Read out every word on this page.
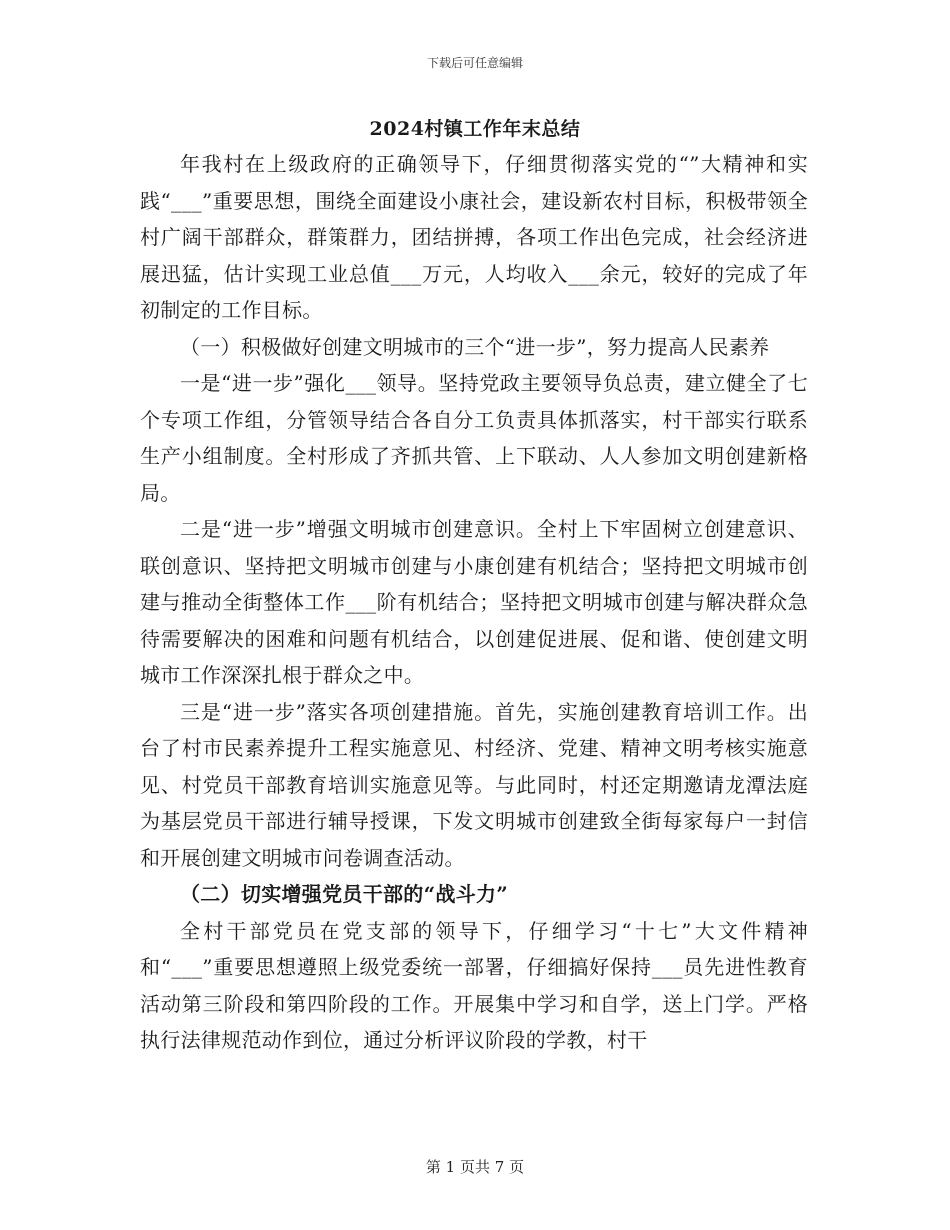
下载后可任意编辑
2024村镇工作年末总结

年我村在上级政府的正确领导下，仔细贯彻落实党的“”大精神和实践“___”重要思想，围绕全面建设小康社会，建设新农村目标，积极带领全村广阔干部群众，群策群力，团结拼搏，各项工作出色完成，社会经济进展迅猛，估计实现工业总值___万元，人均收入___余元，较好的完成了年初制定的工作目标。

（一）积极做好创建文明城市的三个“进一步”，努力提高人民素养

一是“进一步”强化___领导。坚持党政主要领导负总责，建立健全了七个专项工作组，分管领导结合各自分工负责具体抓落实，村干部实行联系生产小组制度。全村形成了齐抓共管、上下联动、人人参加文明创建新格局。

二是“进一步”增强文明城市创建意识。全村上下牢固树立创建意识、联创意识、坚持把文明城市创建与小康创建有机结合；坚持把文明城市创建与推动全街整体工作___阶有机结合；坚持把文明城市创建与解决群众急待需要解决的困难和问题有机结合，以创建促进展、促和谐、使创建文明城市工作深深扎根于群众之中。

三是“进一步”落实各项创建措施。首先，实施创建教育培训工作。出台了村市民素养提升工程实施意见、村经济、党建、精神文明考核实施意见、村党员干部教育培训实施意见等。与此同时，村还定期邀请龙潭法庭为基层党员干部进行辅导授课，下发文明城市创建致全街每家每户一封信和开展创建文明城市问卷调查活动。

（二）切实增强党员干部的“战斗力”

全村干部党员在党支部的领导下，仔细学习“十七”大文件精神和“___”重要思想遵照上级党委统一部署，仔细搞好保持___员先进性教育活动第三阶段和第四阶段的工作。开展集中学习和自学，送上门学。严格执行法律规范动作到位，通过分析评议阶段的学教，村干

第 1 页共 7 页
